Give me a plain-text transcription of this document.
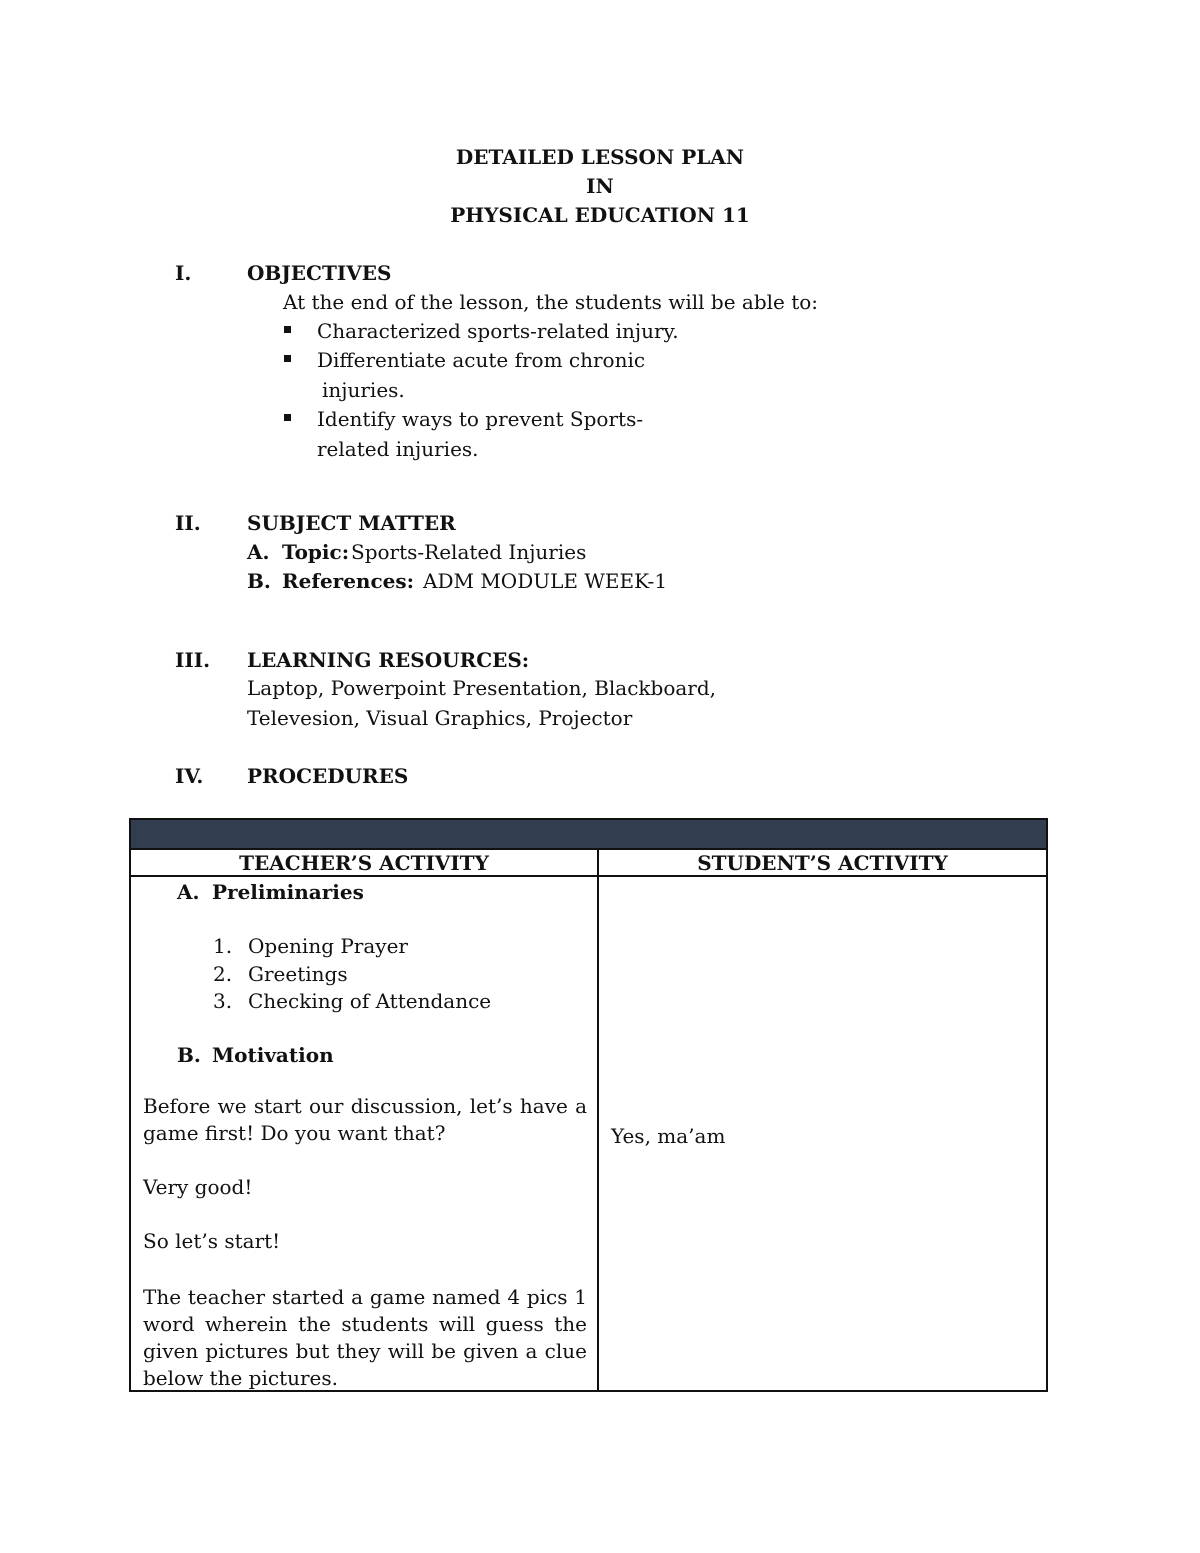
DETAILED LESSON PLAN
IN
PHYSICAL EDUCATION 11
I.	OBJECTIVES
At the end of the lesson, the students will be able to:
Characterized sports-related injury.
Differentiate acute from chronic
injuries.
Identify ways to prevent Sports-
related injuries.
II. SUBJECT MATTER
A. Topic: Sports-Related Injuries
B. References: ADM MODULE WEEK-1
III. LEARNING RESOURCES:
Laptop, Powerpoint Presentation, Blackboard,
Televesion, Visual Graphics, Projector
IV. PROCEDURES
TEACHER’S ACTIVITY	STUDENT’S ACTIVITY
A. Preliminaries
1. Opening Prayer
2. Greetings
3. Checking of Attendance
B. Motivation
Before we start our discussion, let’s have a game first! Do you want that?
Very good!
So let’s start!
The teacher started a game named 4 pics 1 word wherein the students will guess the given pictures but they will be given a clue below the pictures.
Yes, ma’am
